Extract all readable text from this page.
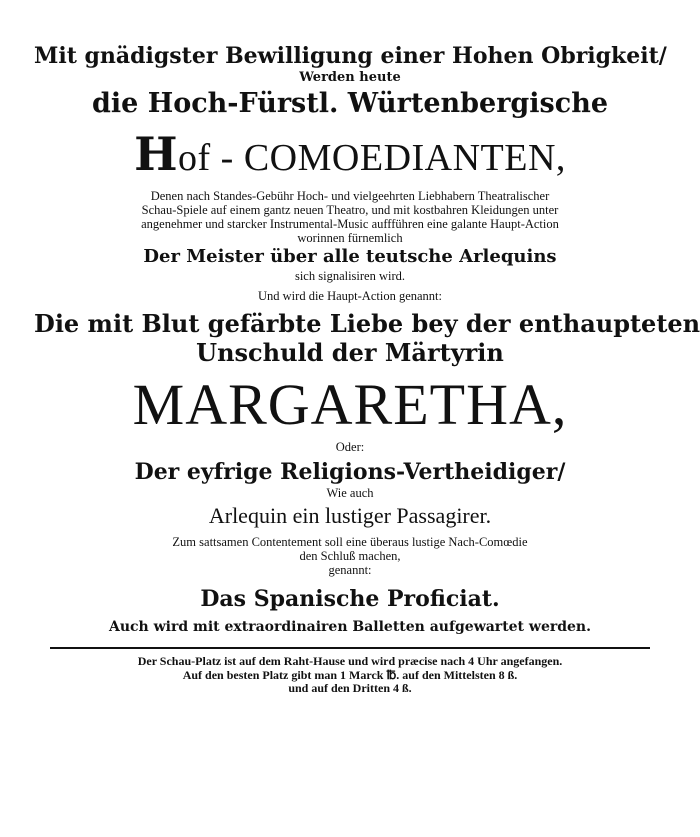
Mit gnädigster Bewilligung einer Hohen Obrigkeit/
Werden heute
die Hoch-Fürstl. Würtenbergische
Hof - COMOEDIANTEN,
Denen nach Standes-Gebühr Hoch- und vielgeehrten Liebhabern Theatralischer
Schau-Spiele auf einem gantz neuen Theatro, und mit kostbahren Kleidungen unter
angenehmer und starcker Instrumental-Music auffführen eine galante Haupt-Action
worinnen fürnemlich
Der Meister über alle teutsche Arlequins
sich signalisiren wird.
Und wird die Haupt-Action genannt:
Die mit Blut gefärbte Liebe bey der enthaupteten
Unschuld der Märtyrin
MARGARETHA,
Oder:
Der eyfrige Religions-Vertheidiger/
Wie auch
Arlequin ein lustiger Passagirer.
Zum sattsamen Contentement soll eine überaus lustige Nach-Comœdie
den Schluß machen,
genannt:
Das Spanische Proficiat.
Auch wird mit extraordinairen Balletten aufgewartet werden.
Der Schau-Platz ist auf dem Raht-Hause und wird præcise nach 4 Uhr angefangen.
Auf den besten Platz gibt man 1 Marck ℔. auf den Mittelsten 8 ß.
und auf den Dritten 4 ß.
